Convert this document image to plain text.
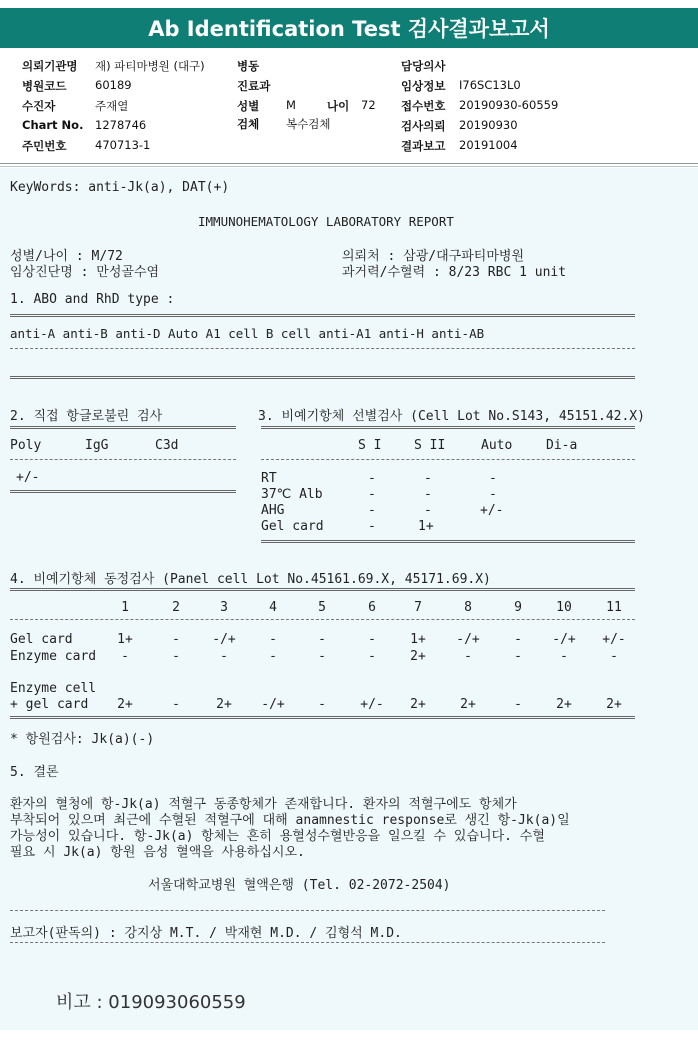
Ab Identification Test 검사결과보고서
의뢰기관명 재) 파티마병원 (대구)
병원코드 60189
수진자	주재열
Chart No. 1278746
주민번호 470713-1
병동
진료과
성별 M	나이 72
검체 복수검체
담당의사
임상정보 I76SC13L0
접수번호 20190930-60559
검사의뢰 20190930
결과보고 20191004
KeyWords: anti-Jk(a), DAT(+)
IMMUNOHEMATOLOGY LABORATORY REPORT
성별/나이 : M/72
임상진단명 : 만성골수염
의뢰처 : 삼광/대구파티마병원
과거력/수혈력 : 8/23 RBC 1 unit
1. ABO and RhD type :
anti-A anti-B anti-D Auto A1 cell B cell anti-A1 anti-H anti-AB
2. 직접 항글로불린 검사
Poly	IgG	C3d
+/-
3. 비예기항체 선별검사 (Cell Lot No.S143, 45151.42.X)
S I	S II	Auto	Di-a
RT	-	-	-
37℃ Alb	-	-	-
AHG	-	-	+/-
Gel card	-	1+
4. 비예기항체 동정검사 (Panel cell Lot No.45161.69.X, 45171.69.X)
1	2	3	4	5	6	7	8	9	10	11
Gel card	1+	-	-/+	-	-	-	1+	-/+	-	-/+	+/-
Enzyme card	-	-	-	-	-	-	2+	-	-	-	-
Enzyme cell
+ gel card	2+	-	2+	-/+	-	+/-	2+	2+	-	2+	2+
* 항원검사: Jk(a)(-)
5. 결론
환자의 혈청에 항-Jk(a) 적혈구 동종항체가 존재합니다. 환자의 적혈구에도 항체가
부착되어 있으며 최근에 수혈된 적혈구에 대해 anamnestic response로 생긴 항-Jk(a)일
가능성이 있습니다. 항-Jk(a) 항체는 흔히 용혈성수혈반응을 일으킬 수 있습니다. 수혈
필요 시 Jk(a) 항원 음성 혈액을 사용하십시오.
서울대학교병원 혈액은행 (Tel. 02-2072-2504)
보고자(판독의) : 강지상 M.T. / 박재현 M.D. / 김형석 M.D.
비고 : 019093060559
